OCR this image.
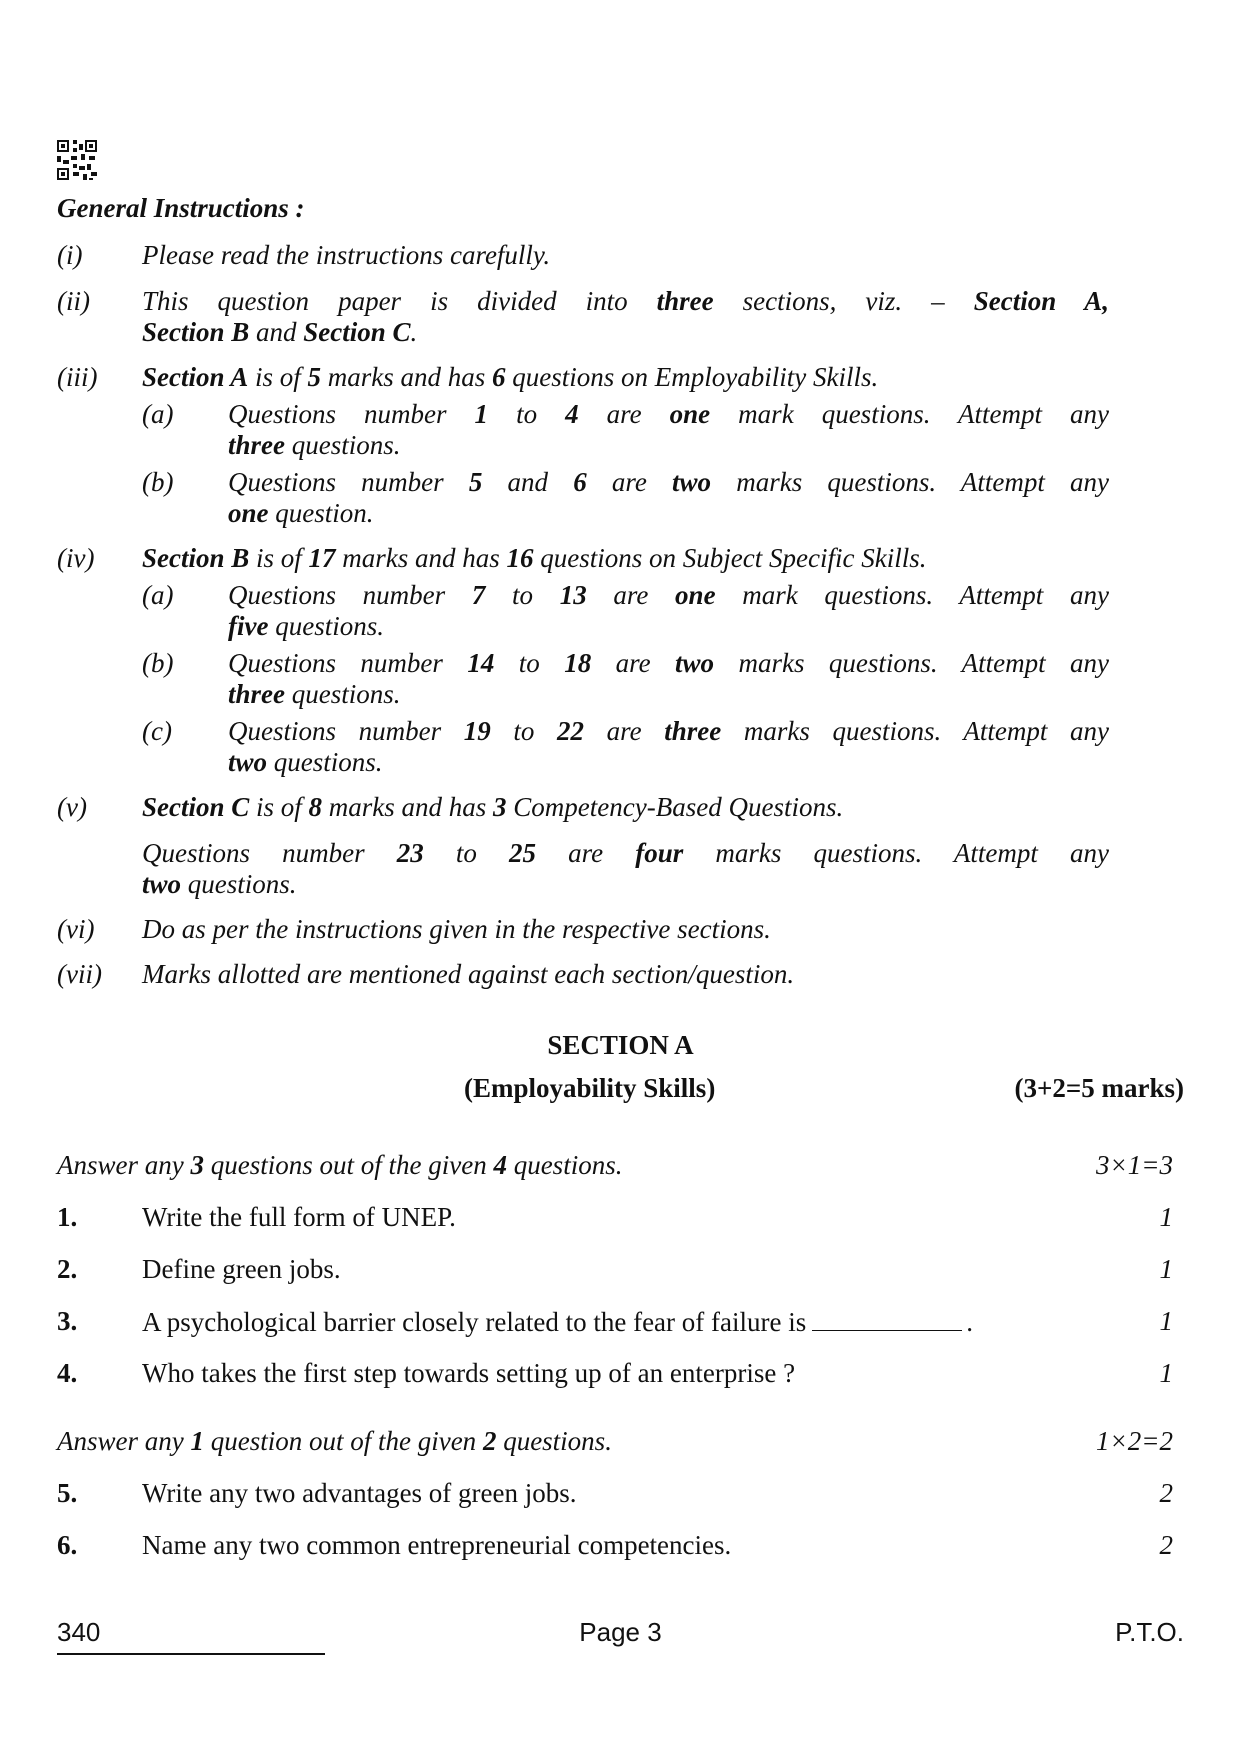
General Instructions :
(i) Please read the instructions carefully.
(ii) This question paper is divided into three sections, viz. – Section A,
Section B and Section C.
(iii) Section A is of 5 marks and has 6 questions on Employability Skills.
(a) Questions number 1 to 4 are one mark questions. Attempt any
three questions.
(b) Questions number 5 and 6 are two marks questions. Attempt any
one question.
(iv) Section B is of 17 marks and has 16 questions on Subject Specific Skills.
(a) Questions number 7 to 13 are one mark questions. Attempt any
five questions.
(b) Questions number 14 to 18 are two marks questions. Attempt any
three questions.
(c) Questions number 19 to 22 are three marks questions. Attempt any
two questions.
(v) Section C is of 8 marks and has 3 Competency-Based Questions.
Questions number 23 to 25 are four marks questions. Attempt any
two questions.
(vi) Do as per the instructions given in the respective sections.
(vii) Marks allotted are mentioned against each section/question.
SECTION A
(Employability Skills)	(3+2=5 marks)
Answer any 3 questions out of the given 4 questions.	3×1=3
1. Write the full form of UNEP.	1
2. Define green jobs.	1
3. A psychological barrier closely related to the fear of failure is	.	1
4. Who takes the first step towards setting up of an enterprise ?	1
Answer any 1 question out of the given 2 questions.	1×2=2
5. Write any two advantages of green jobs.	2
6. Name any two common entrepreneurial competencies.	2
340	Page 3	P.T.O.
